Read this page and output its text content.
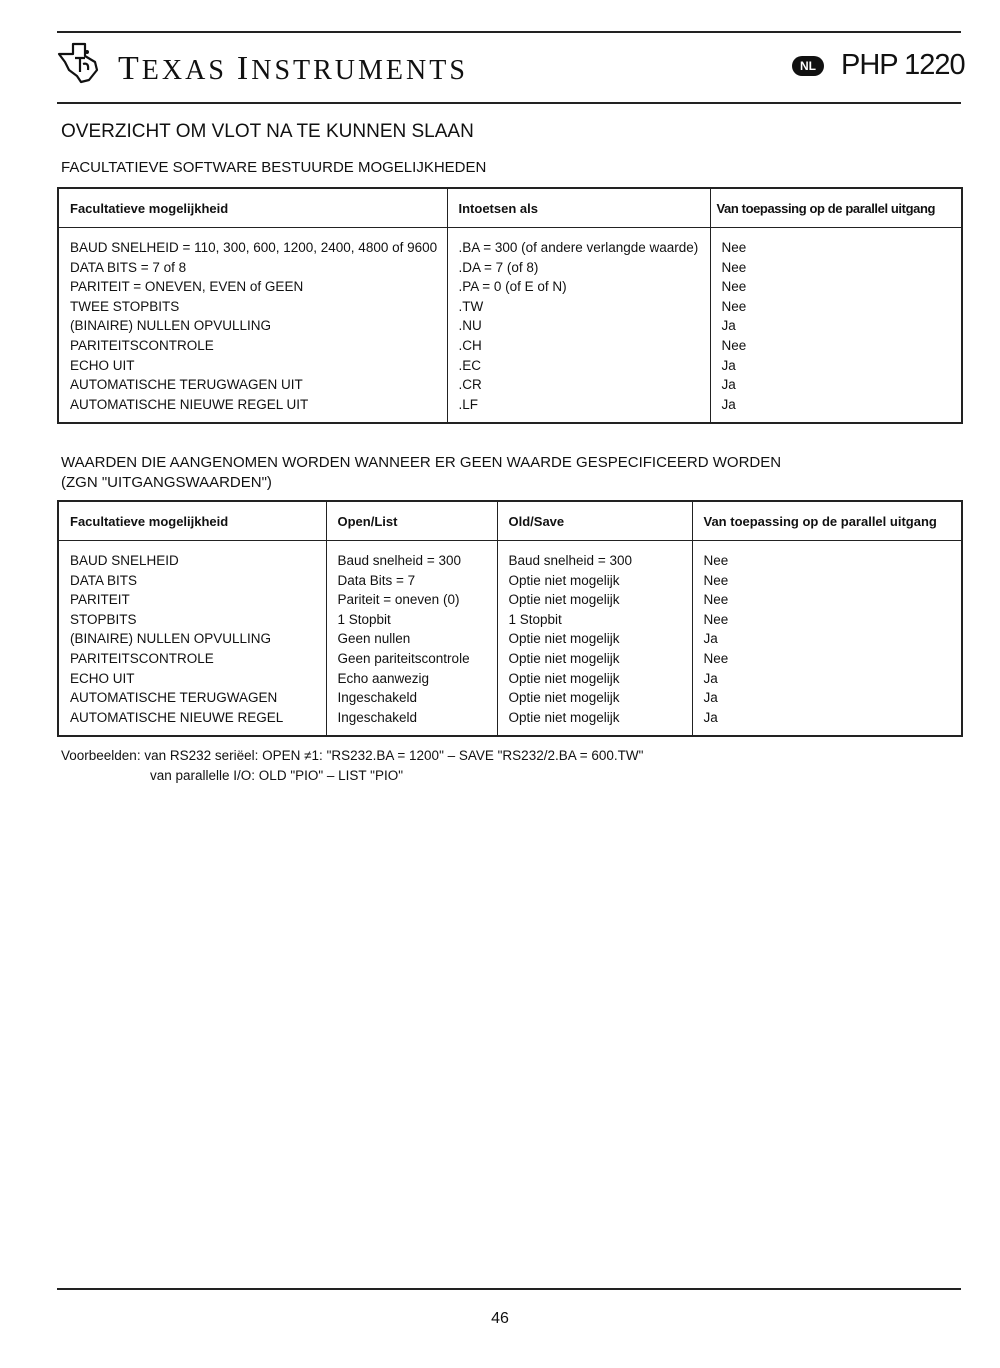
TEXAS INSTRUMENTS	NL PHP 1220
OVERZICHT OM VLOT NA TE KUNNEN SLAAN
FACULTATIEVE SOFTWARE BESTUURDE MOGELIJKHEDEN
Facultatieve mogelijkheid	Intoetsen als	Van toepassing op de parallel uitgang

BAUD SNELHEID = 110, 300, 600, 1200, 2400, 4800 of 9600	.BA = 300 (of andere verlangde waarde)	Nee
DATA BITS = 7 of 8	.DA = 7 (of 8)	Nee
PARITEIT = ONEVEN, EVEN of GEEN	.PA = 0 (of E of N)	Nee
TWEE STOPBITS	.TW	Nee
(BINAIRE) NULLEN OPVULLING	.NU	Ja
PARITEITSCONTROLE	.CH	Nee
ECHO UIT	.EC	Ja
AUTOMATISCHE TERUGWAGEN UIT	.CR	Ja
AUTOMATISCHE NIEUWE REGEL UIT	.LF	Ja

WAARDEN DIE AANGENOMEN WORDEN WANNEER ER GEEN WAARDE GESPECIFICEERD WORDEN
(ZGN "UITGANGSWAARDEN")
Facultatieve mogelijkheid	Open/List	Old/Save	Van toepassing op de parallel uitgang

BAUD SNELHEID	Baud snelheid = 300	Baud snelheid = 300	Nee
DATA BITS	Data Bits = 7	Optie niet mogelijk	Nee
PARITEIT	Pariteit = oneven (0)	Optie niet mogelijk	Nee
STOPBITS	1 Stopbit	1 Stopbit	Nee
(BINAIRE) NULLEN OPVULLING	Geen nullen	Optie niet mogelijk	Ja
PARITEITSCONTROLE	Geen pariteitscontrole	Optie niet mogelijk	Nee
ECHO UIT	Echo aanwezig	Optie niet mogelijk	Ja
AUTOMATISCHE TERUGWAGEN	Ingeschakeld	Optie niet mogelijk	Ja
AUTOMATISCHE NIEUWE REGEL	Ingeschakeld	Optie niet mogelijk	Ja

Voorbeelden: van RS232 seriëel: OPEN ≠1: "RS232.BA = 1200" – SAVE "RS232/2.BA = 600.TW"
van parallelle I/O: OLD "PIO" – LIST "PIO"
46
